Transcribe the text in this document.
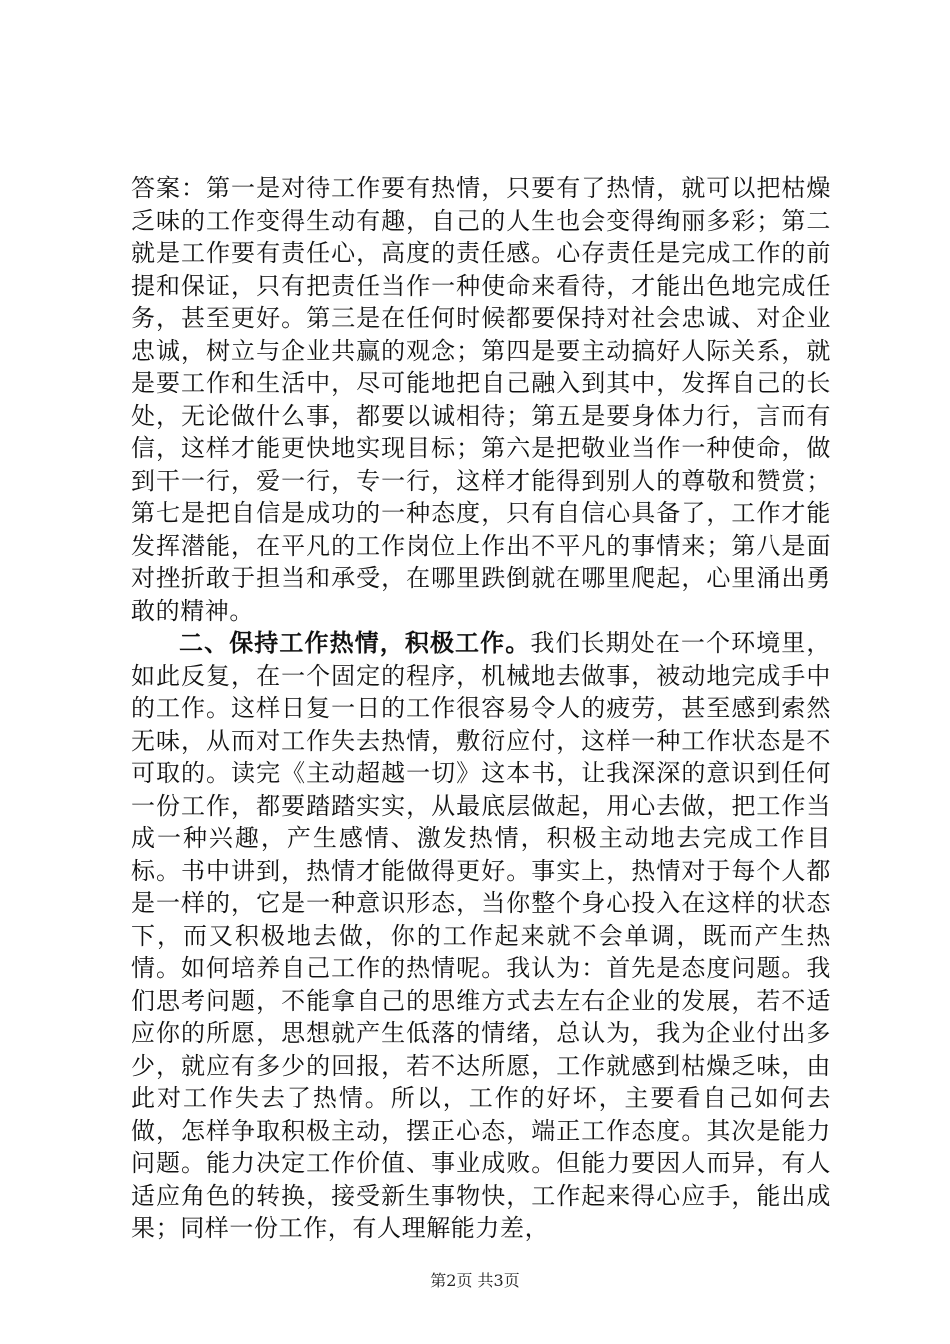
答案：第一是对待工作要有热情，只要有了热情，就可以把枯燥乏味的工作变得生动有趣，自己的人生也会变得绚丽多彩；第二就是工作要有责任心，高度的责任感。心存责任是完成工作的前提和保证，只有把责任当作一种使命来看待，才能出色地完成任务，甚至更好。第三是在任何时候都要保持对社会忠诚、对企业忠诚，树立与企业共赢的观念；第四是要主动搞好人际关系，就是要工作和生活中，尽可能地把自己融入到其中，发挥自己的长处，无论做什么事，都要以诚相待；第五是要身体力行，言而有信，这样才能更快地实现目标；第六是把敬业当作一种使命，做到干一行，爱一行，专一行，这样才能得到别人的尊敬和赞赏；第七是把自信是成功的一种态度，只有自信心具备了，工作才能发挥潜能，在平凡的工作岗位上作出不平凡的事情来；第八是面对挫折敢于担当和承受，在哪里跌倒就在哪里爬起，心里涌出勇敢的精神。

二、保持工作热情，积极工作。我们长期处在一个环境里，如此反复，在一个固定的程序，机械地去做事，被动地完成手中的工作。这样日复一日的工作很容易令人的疲劳，甚至感到索然无味，从而对工作失去热情，敷衍应付，这样一种工作状态是不可取的。读完《主动超越一切》这本书，让我深深的意识到任何一份工作，都要踏踏实实，从最底层做起，用心去做，把工作当成一种兴趣，产生感情、激发热情，积极主动地去完成工作目标。书中讲到，热情才能做得更好。事实上，热情对于每个人都是一样的，它是一种意识形态，当你整个身心投入在这样的状态下，而又积极地去做，你的工作起来就不会单调，既而产生热情。如何培养自己工作的热情呢。我认为：首先是态度问题。我们思考问题，不能拿自己的思维方式去左右企业的发展，若不适应你的所愿，思想就产生低落的情绪，总认为，我为企业付出多少，就应有多少的回报，若不达所愿，工作就感到枯燥乏味，由此对工作失去了热情。所以，工作的好坏，主要看自己如何去做，怎样争取积极主动，摆正心态，端正工作态度。其次是能力问题。能力决定工作价值、事业成败。但能力要因人而异，有人适应角色的转换，接受新生事物快，工作起来得心应手，能出成果；同样一份工作，有人理解能力差，

第2页 共3页
